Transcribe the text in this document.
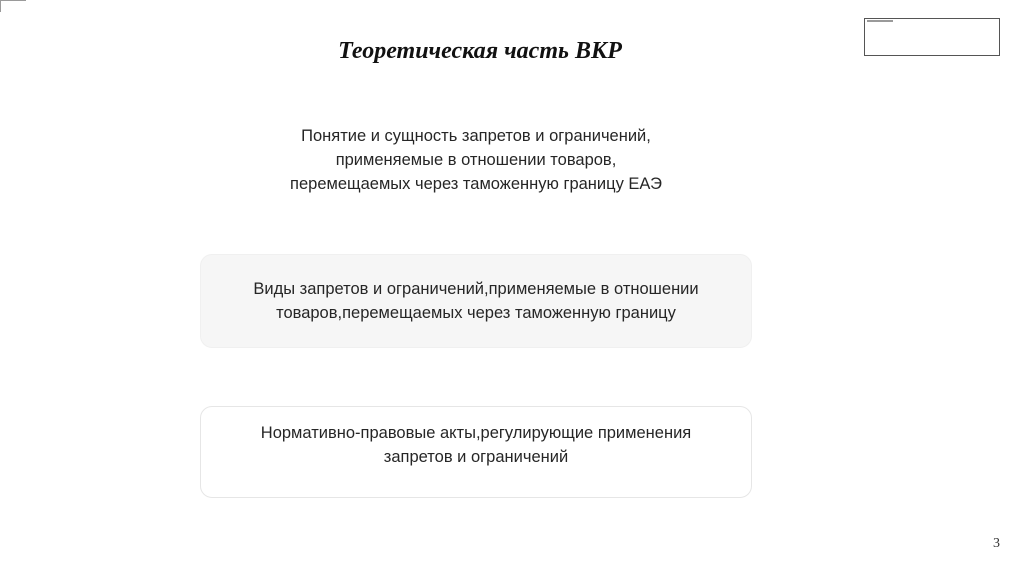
Теоретическая часть ВКР
Понятие и сущность запретов и ограничений,
применяемые в отношении товаров,
перемещаемых через таможенную границу ЕАЭ
Виды запретов и ограничений,применяемые в отношении
товаров,перемещаемых через таможенную границу
Нормативно-правовые акты,регулирующие применения
запретов и ограничений
3
